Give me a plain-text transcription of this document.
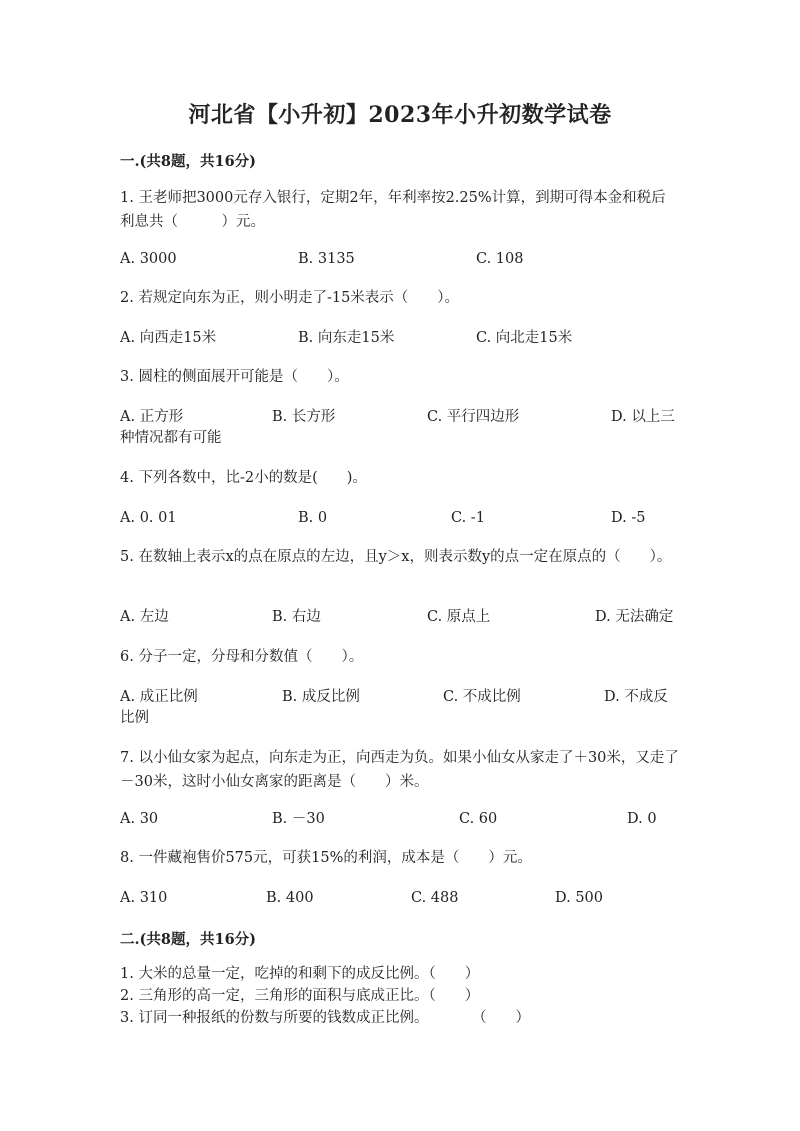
河北省【小升初】2023年小升初数学试卷
一.(共8题，共16分)
1. 王老师把3000元存入银行，定期2年，年利率按2.25%计算，到期可得本金和税后利息共（　　　）元。
A. 3000	B. 3135	C. 108
2. 若规定向东为正，则小明走了-15米表示（　　）。
A. 向西走15米	B. 向东走15米	C. 向北走15米
3. 圆柱的侧面展开可能是（　　）。
A. 正方形	B. 长方形	C. 平行四边形	D. 以上三
种情况都有可能
4. 下列各数中，比-2小的数是(　　)。
A. 0. 01	B. 0	C. -1	D. -5
5. 在数轴上表示x的点在原点的左边，且y＞x，则表示数y的点一定在原点的（　　）。
A. 左边	B. 右边	C. 原点上	D. 无法确定
6. 分子一定，分母和分数值（　　）。
A. 成正比例	B. 成反比例	C. 不成比例	D. 不成反
比例
7. 以小仙女家为起点，向东走为正，向西走为负。如果小仙女从家走了＋30米，又走了－30米，这时小仙女离家的距离是（　　）米。
A. 30	B. －30	C. 60	D. 0
8. 一件藏袍售价575元，可获15%的利润，成本是（　　）元。
A. 310	B. 400	C. 488	D. 500
二.(共8题，共16分)
1. 大米的总量一定，吃掉的和剩下的成反比例。（　　）
2. 三角形的高一定，三角形的面积与底成正比。（　　）
3. 订同一种报纸的份数与所要的钱数成正比例。　　　　（　　）
